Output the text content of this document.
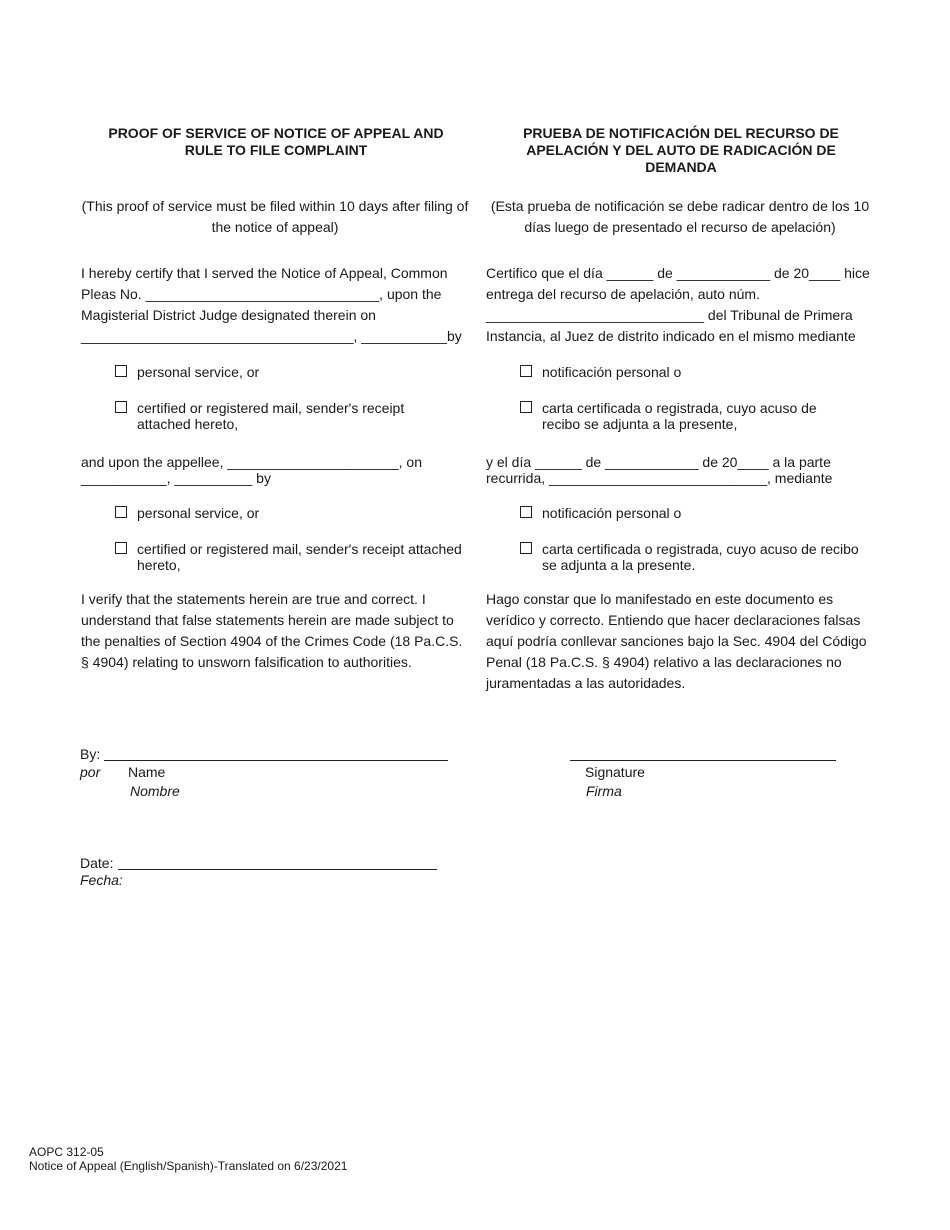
PROOF OF SERVICE OF NOTICE OF APPEAL AND RULE TO FILE COMPLAINT
(This proof of service must be filed within 10 days after filing of the notice of appeal)
I hereby certify that I served the Notice of Appeal, Common
Pleas No. ______________________________, upon the
Magisterial District Judge designated therein on
___________________________________, ___________by
personal service, or
certified or registered mail, sender's receipt attached hereto,
and upon the appellee, ______________________, on
___________, __________ by
personal service, or
certified or registered mail, sender's receipt attached hereto,
I verify that the statements herein are true and correct. I understand that false statements herein are made subject to the penalties of Section 4904 of the Crimes Code (18 Pa.C.S. § 4904) relating to unsworn falsification to authorities.
PRUEBA DE NOTIFICACIÓN DEL RECURSO DE APELACIÓN Y DEL AUTO DE RADICACIÓN DE DEMANDA
(Esta prueba de notificación se debe radicar dentro de los 10 días luego de presentado el recurso de apelación)
Certifico que el día ______ de ____________ de 20____ hice
entrega del recurso de apelación, auto núm.
____________________________ del Tribunal de Primera
Instancia, al Juez de distrito indicado en el mismo mediante
notificación personal o
carta certificada o registrada, cuyo acuso de recibo se adjunta a la presente,
y el día ______ de ____________ de 20____ a la parte
recurrida, ____________________________, mediante
notificación personal o
carta certificada o registrada, cuyo acuso de recibo se adjunta a la presente.
Hago constar que lo manifestado en este documento es verídico y correcto. Entiendo que hacer declaraciones falsas aquí podría conllevar sanciones bajo la Sec. 4904 del Código Penal (18 Pa.C.S. § 4904) relativo a las declaraciones no juramentadas a las autoridades.
By:
por Name
Nombre
Signature
Firma
Date:
Fecha:
AOPC 312-05
Notice of Appeal (English/Spanish)-Translated on 6/23/2021
